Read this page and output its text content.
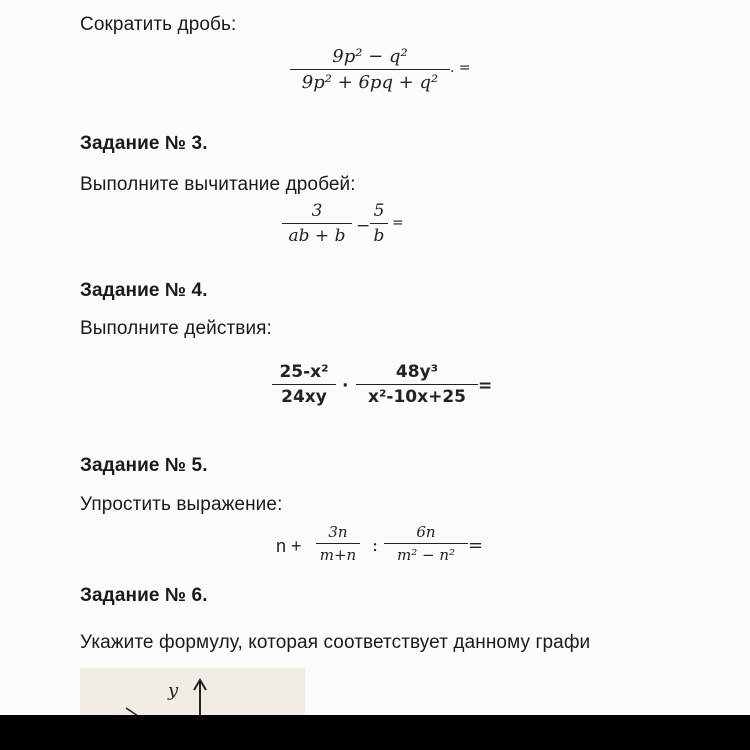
Сократить дробь:
9p² − q²
9p² + 6pq + q²
. =
Задание № 3.
Выполните вычитание дробей:
3
ab + b −
5
b
=
Задание № 4.
Выполните действия:
25-x²
24xy
·
48y³
x²-10x+25
=
Задание № 5.
Упростить выражение:
n +
3n
m+n :
6n
m² − n² =
Задание № 6.
Укажите формулу, которая соответствует данному графи
y
